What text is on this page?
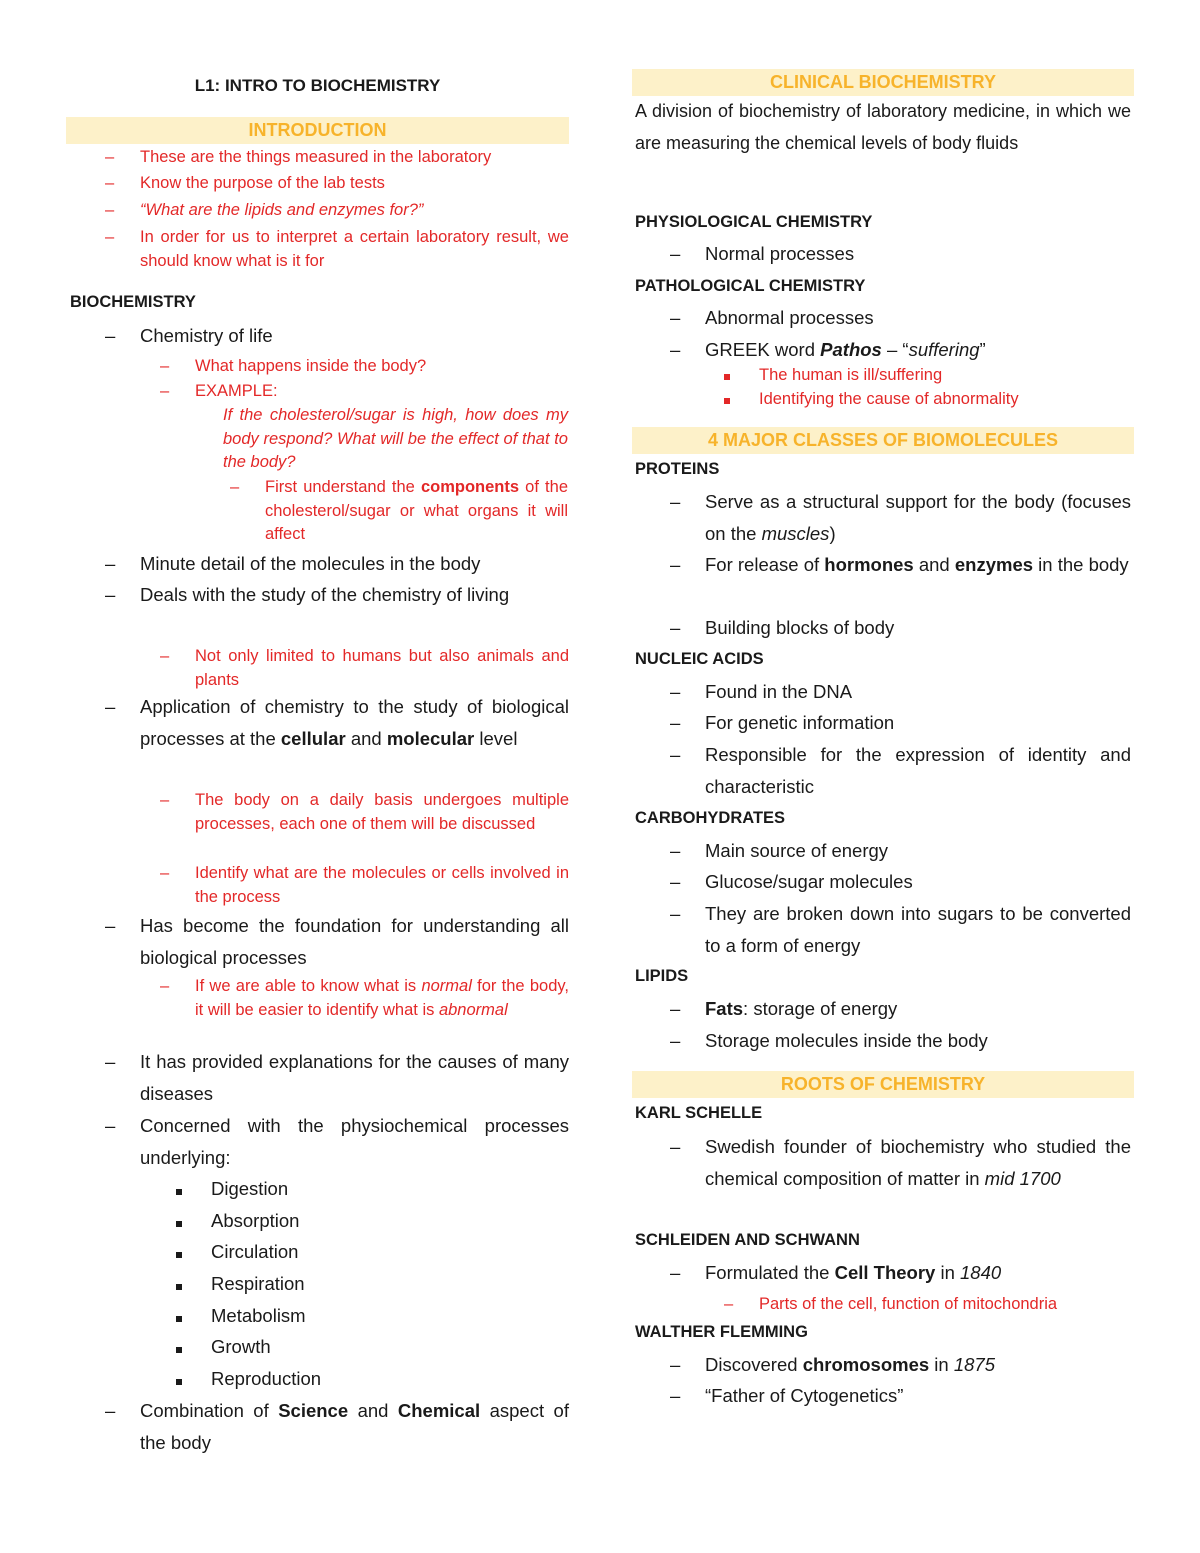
L1: INTRO TO BIOCHEMISTRY
INTRODUCTION
–	These are the things measured in the laboratory
–	Know the purpose of the lab tests
–	“What are the lipids and enzymes for?”
–	In order for us to interpret a certain laboratory result, we should know what is it for
BIOCHEMISTRY
–	Chemistry of life
–	What happens inside the body?
–	EXAMPLE:
If the cholesterol/sugar is high, how does my body respond? What will be the effect of that to the body?
–	First understand the components of the cholesterol/sugar or what organs it will affect
–	Minute detail of the molecules in the body
–	Deals with the study of the chemistry of living
–	Not only limited to humans but also animals and plants
–	Application of chemistry to the study of biological processes at the cellular and molecular level
–	The body on a daily basis undergoes multiple processes, each one of them will be discussed
–	Identify what are the molecules or cells involved in the process
–	Has become the foundation for understanding all biological processes
–	If we are able to know what is normal for the body, it will be easier to identify what is abnormal
–	It has provided explanations for the causes of many diseases
–	Concerned with the physiochemical processes underlying:
Digestion
Absorption
Circulation
Respiration
Metabolism
Growth
Reproduction
–	Combination of Science and Chemical aspect of the body
CLINICAL BIOCHEMISTRY
A division of biochemistry of laboratory medicine, in which we are measuring the chemical levels of body fluids
PHYSIOLOGICAL CHEMISTRY
–	Normal processes
PATHOLOGICAL CHEMISTRY
–	Abnormal processes
–	GREEK word Pathos – “suffering”
The human is ill/suffering
Identifying the cause of abnormality
4 MAJOR CLASSES OF BIOMOLECULES
PROTEINS
–	Serve as a structural support for the body (focuses on the muscles)
–	For release of hormones and enzymes in the body
–	Building blocks of body
NUCLEIC ACIDS
–	Found in the DNA
–	For genetic information
–	Responsible for the expression of identity and characteristic
CARBOHYDRATES
–	Main source of energy
–	Glucose/sugar molecules
–	They are broken down into sugars to be converted to a form of energy
LIPIDS
–	Fats: storage of energy
–	Storage molecules inside the body
ROOTS OF CHEMISTRY
KARL SCHELLE
–	Swedish founder of biochemistry who studied the chemical composition of matter in mid 1700
SCHLEIDEN AND SCHWANN
–	Formulated the Cell Theory in 1840
–	Parts of the cell, function of mitochondria
WALTHER FLEMMING
–	Discovered chromosomes in 1875
–	“Father of Cytogenetics”
